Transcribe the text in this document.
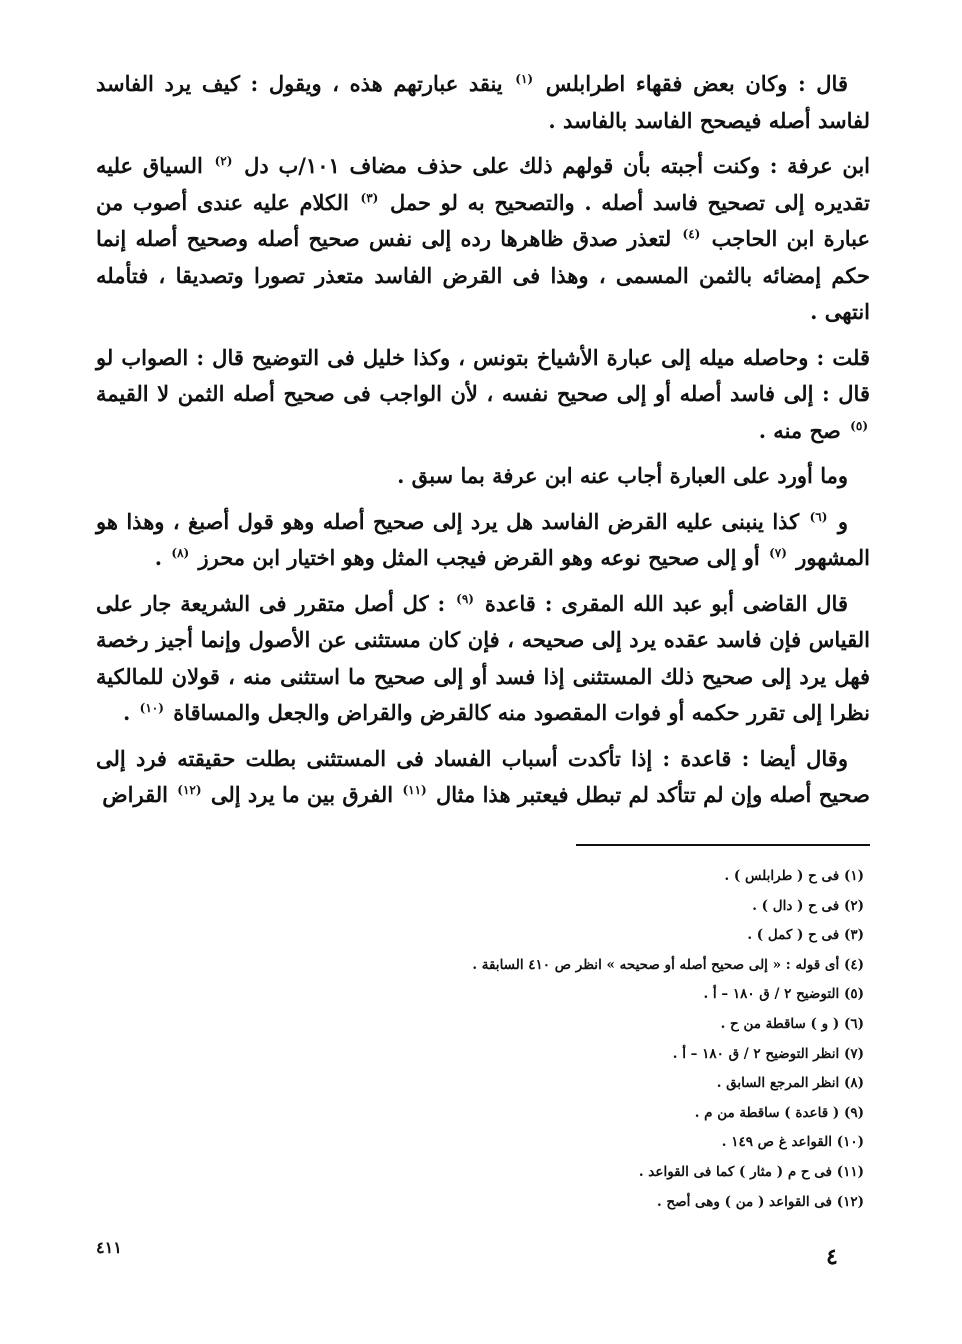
قال : وكان بعض فقهاء اطرابلس $^{(١)}$ ينقد عبارتهم هذه ، ويقول : كيف يرد الفاسد لفاسد أصله فيصحح الفاسد بالفاسد .

ابن عرفة : وكنت أجبته بأن قولهم ذلك على حذف مضاف ١٠١/ب دل $^{(٢)}$ السياق عليه تقديره إلى تصحيح فاسد أصله . والتصحيح به لو حمل $^{(٣)}$ الكلام عليه عندى أصوب من عبارة ابن الحاجب $^{(٤)}$ لتعذر صدق ظاهرها رده إلى نفس صحيح أصله وصحيح أصله إنما حكم إمضائه بالثمن المسمى ، وهذا فى القرض الفاسد متعذر تصورا وتصديقا ، فتأمله انتهى .

قلت : وحاصله ميله إلى عبارة الأشياخ بتونس ، وكذا خليل فى التوضيح قال : الصواب لو قال : إلى فاسد أصله أو إلى صحيح نفسه ، لأن الواجب فى صحيح أصله الثمن لا القيمة $^{(٥)}$ صح منه .

وما أورد على العبارة أجاب عنه ابن عرفة بما سبق .

و $^{(٦)}$ كذا ينبنى عليه القرض الفاسد هل يرد إلى صحيح أصله وهو قول أصبغ ، وهذا هو المشهور $^{(٧)}$ أو إلى صحيح نوعه وهو القرض فيجب المثل وهو اختيار ابن محرز $^{(٨)}$ .

قال القاضى أبو عبد الله المقرى : قاعدة $^{(٩)}$ : كل أصل متقرر فى الشريعة جار على القياس فإن فاسد عقده يرد إلى صحيحه ، فإن كان مستثنى عن الأصول وإنما أجيز رخصة فهل يرد إلى صحيح ذلك المستثنى إذا فسد أو إلى صحيح ما استثنى منه ، قولان للمالكية نظرا إلى تقرر حكمه أو فوات المقصود منه كالقرض والقراض والجعل والمساقاة $^{(١٠)}$ .

وقال أيضا : قاعدة : إذا تأكدت أسباب الفساد فى المستثنى بطلت حقيقته فرد إلى صحيح أصله وإن لم تتأكد لم تبطل فيعتبر هذا مثال $^{(١١)}$ الفرق بين ما يرد إلى $^{(١٢)}$ القراض

(١) فى ح ( طرابلس ) .
(٢) فى ح ( دال ) .
(٣) فى ح ( كمل ) .
(٤) أى قوله : « إلى صحيح أصله أو صحيحه » انظر ص ٤١٠ السابقة .
(٥) التوضيح ٢ / ق ١٨٠ – أ .
(٦) ( و ) ساقطة من ح .
(٧) انظر التوضيح ٢ / ق ١٨٠ – أ .
(٨) انظر المرجع السابق .
(٩) ( قاعدة ) ساقطة من م .
(١٠) القواعد غ ص ١٤٩ .
(١١) فى ح م ( مثار ) كما فى القواعد .
(١٢) فى القواعد ( من ) وهى أصح .
٤١١	٤
